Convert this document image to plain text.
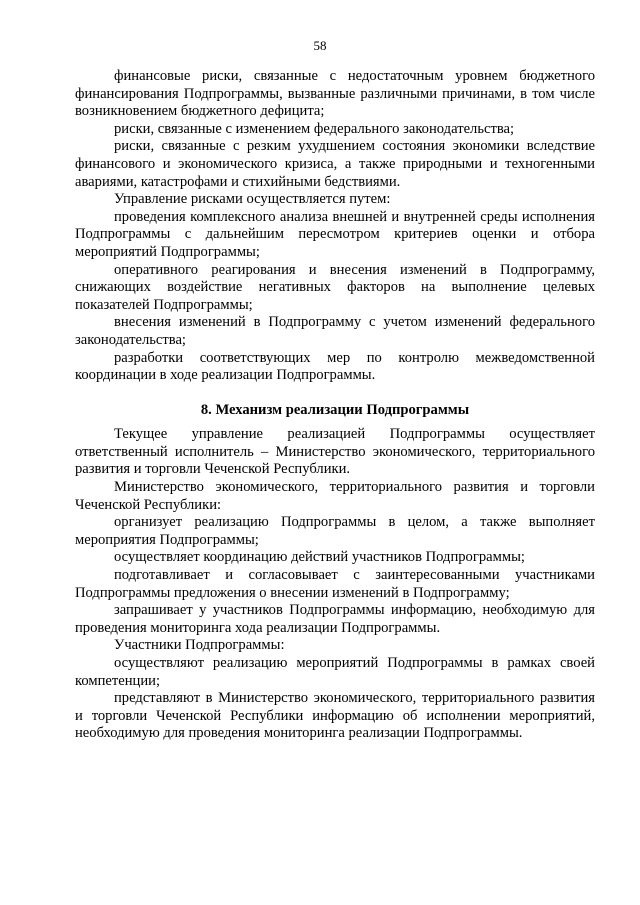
58

финансовые риски, связанные с недостаточным уровнем бюджетного финансирования Подпрограммы, вызванные различными причинами, в том числе возникновением бюджетного дефицита;

риски, связанные с изменением федерального законодательства;

риски, связанные с резким ухудшением состояния экономики вследствие финансового и экономического кризиса, а также природными и техногенными авариями, катастрофами и стихийными бедствиями.

Управление рисками осуществляется путем:

проведения комплексного анализа внешней и внутренней среды исполнения Подпрограммы с дальнейшим пересмотром критериев оценки и отбора мероприятий Подпрограммы;

оперативного реагирования и внесения изменений в Подпрограмму, снижающих воздействие негативных факторов на выполнение целевых показателей Подпрограммы;

внесения изменений в Подпрограмму с учетом изменений федерального законодательства;

разработки соответствующих мер по контролю межведомственной координации в ходе реализации Подпрограммы.

8. Механизм реализации Подпрограммы

Текущее управление реализацией Подпрограммы осуществляет ответственный исполнитель – Министерство экономического, территориального развития и торговли Чеченской Республики.

Министерство экономического, территориального развития и торговли Чеченской Республики:

организует реализацию Подпрограммы в целом, а также выполняет мероприятия Подпрограммы;

осуществляет координацию действий участников Подпрограммы;

подготавливает и согласовывает с заинтересованными участниками Подпрограммы предложения о внесении изменений в Подпрограмму;

запрашивает у участников Подпрограммы информацию, необходимую для проведения мониторинга хода реализации Подпрограммы.

Участники Подпрограммы:

осуществляют реализацию мероприятий Подпрограммы в рамках своей компетенции;

представляют в Министерство экономического, территориального развития и торговли Чеченской Республики информацию об исполнении мероприятий, необходимую для проведения мониторинга реализации Подпрограммы.
